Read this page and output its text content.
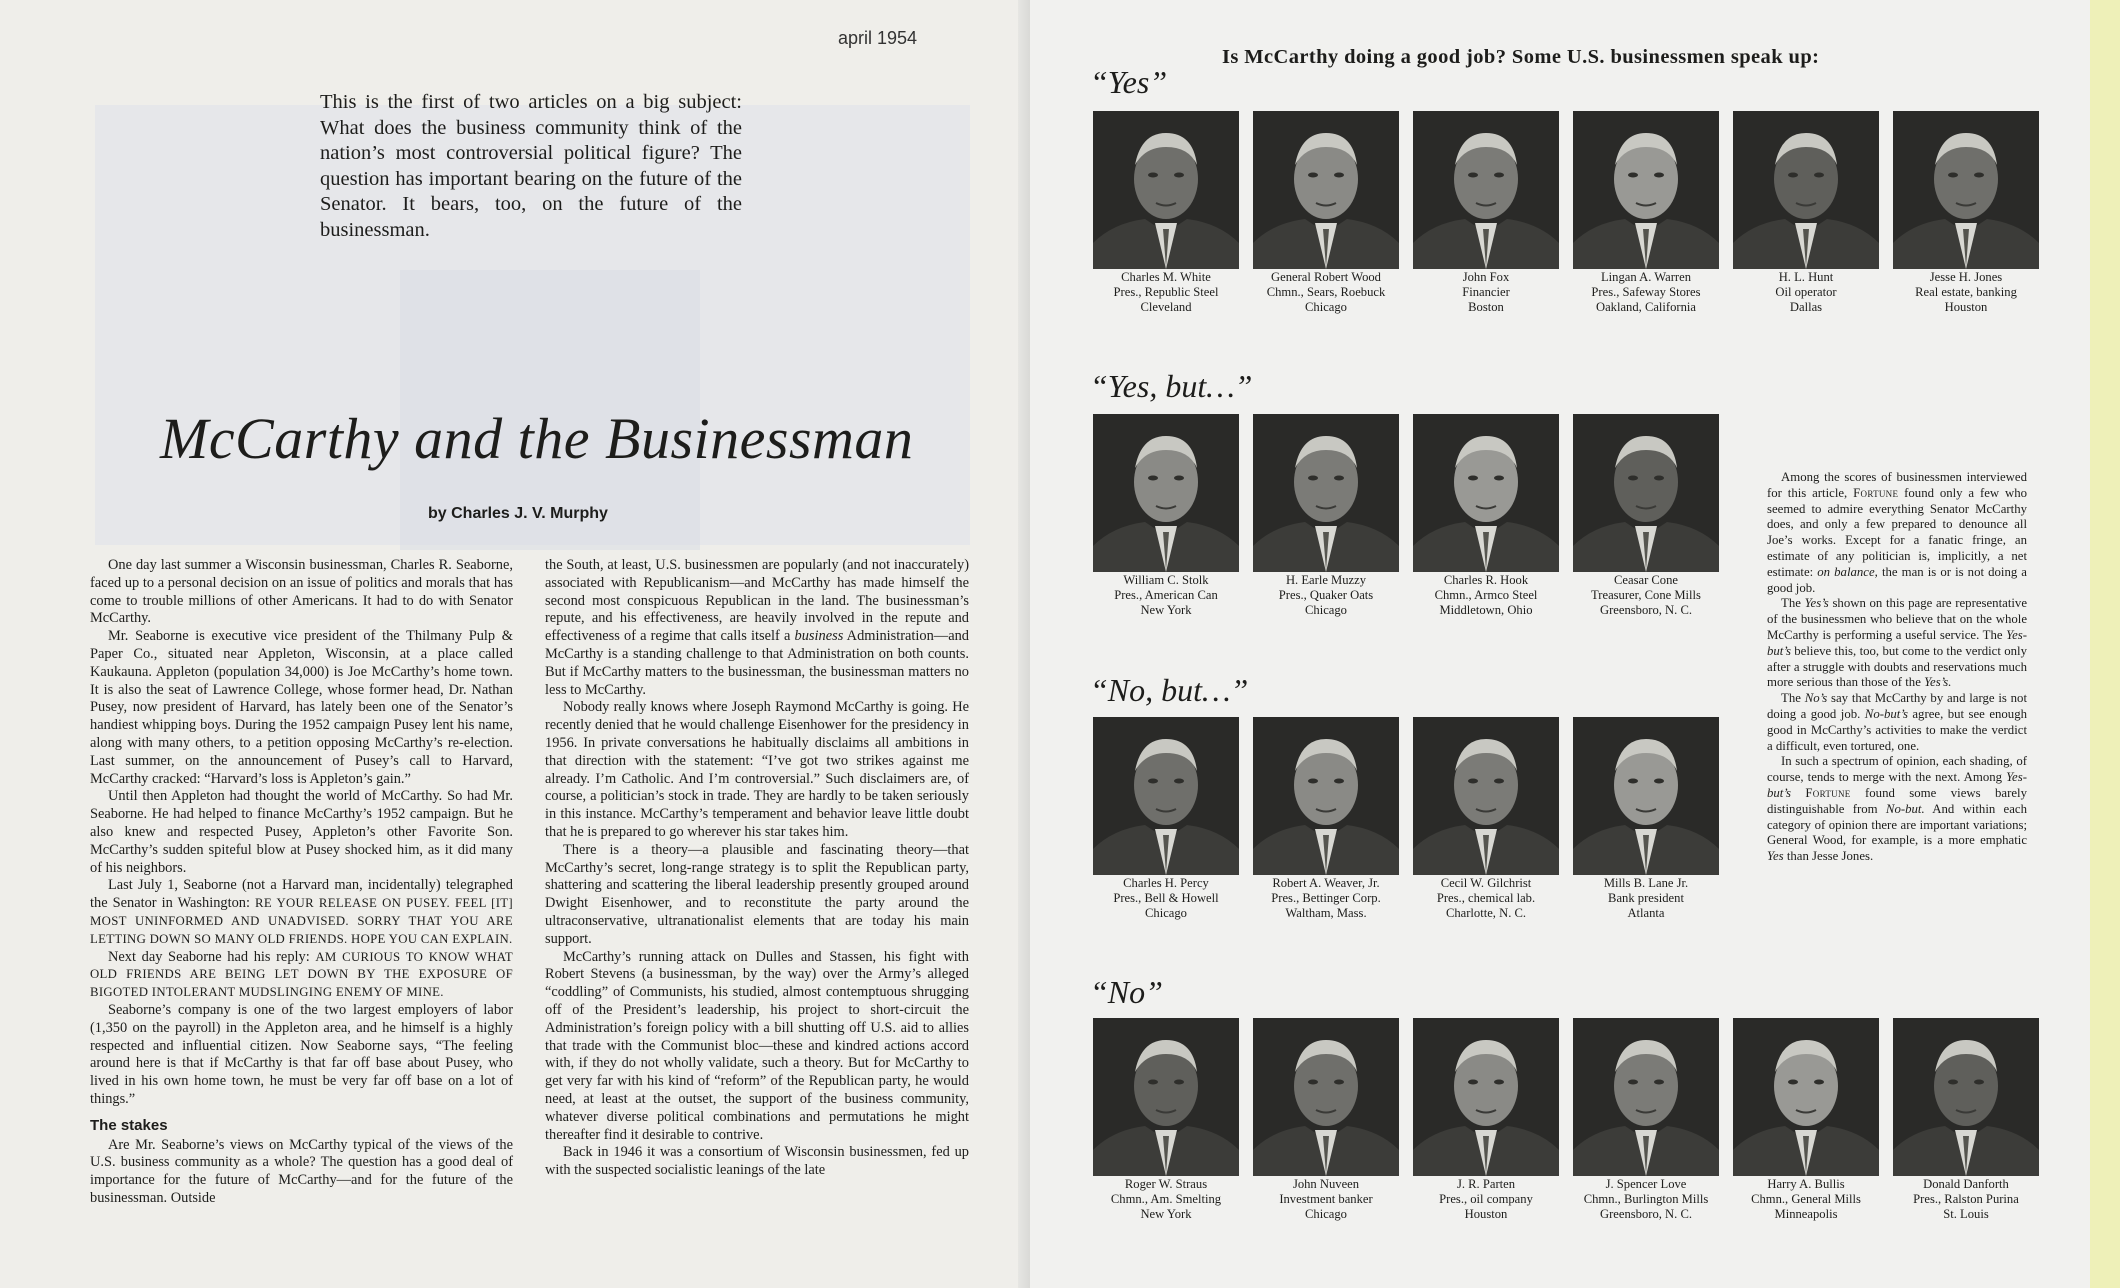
april 1954
This is the first of two articles on a big subject: What does the business community think of the nation’s most controversial political figure? The question has important bearing on the future of the Senator. It bears, too, on the future of the businessman.
McCarthy and the Businessman
by Charles J. V. Murphy

One day last summer a Wisconsin businessman, Charles R. Seaborne, faced up to a personal decision on an issue of politics and morals that has come to trouble millions of other Americans. It had to do with Senator McCarthy.

Mr. Seaborne is executive vice president of the Thilmany Pulp & Paper Co., situated near Appleton, Wisconsin, at a place called Kaukauna. Appleton (population 34,000) is Joe McCarthy’s home town. It is also the seat of Lawrence College, whose former head, Dr. Nathan Pusey, now president of Harvard, has lately been one of the Senator’s handiest whipping boys. During the 1952 campaign Pusey lent his name, along with many others, to a petition opposing McCarthy’s re-election. Last summer, on the announcement of Pusey’s call to Harvard, McCarthy cracked: “Harvard’s loss is Appleton’s gain.”

Until then Appleton had thought the world of McCarthy. So had Mr. Seaborne. He had helped to finance McCarthy’s 1952 campaign. But he also knew and respected Pusey, Appleton’s other Favorite Son. McCarthy’s sudden spiteful blow at Pusey shocked him, as it did many of his neighbors.

Last July 1, Seaborne (not a Harvard man, incidentally) telegraphed the Senator in Washington: RE YOUR RELEASE ON PUSEY. FEEL [IT] MOST UNINFORMED AND UNADVISED. SORRY THAT YOU ARE LETTING DOWN SO MANY OLD FRIENDS. HOPE YOU CAN EXPLAIN.

Next day Seaborne had his reply: AM CURIOUS TO KNOW WHAT OLD FRIENDS ARE BEING LET DOWN BY THE EXPOSURE OF BIGOTED INTOLERANT MUDSLINGING ENEMY OF MINE.

Seaborne’s company is one of the two largest employers of labor (1,350 on the payroll) in the Appleton area, and he himself is a highly respected and influential citizen. Now Seaborne says, “The feeling around here is that if McCarthy is that far off base about Pusey, who lived in his own home town, he must be very far off base on a lot of things.”

The stakes

Are Mr. Seaborne’s views on McCarthy typical of the views of the U.S. business community as a whole? The question has a good deal of importance for the future of McCarthy—and for the future of the businessman. Outside

the South, at least, U.S. businessmen are popularly (and not inaccurately) associated with Republicanism—and McCarthy has made himself the second most conspicuous Republican in the land. The businessman’s repute, and his effectiveness, are heavily involved in the repute and effectiveness of a regime that calls itself a business Administration—and McCarthy is a standing challenge to that Administration on both counts. But if McCarthy matters to the businessman, the businessman matters no less to McCarthy.

Nobody really knows where Joseph Raymond McCarthy is going. He recently denied that he would challenge Eisenhower for the presidency in 1956. In private conversations he habitually disclaims all ambitions in that direction with the statement: “I’ve got two strikes against me already. I’m Catholic. And I’m controversial.” Such disclaimers are, of course, a politician’s stock in trade. They are hardly to be taken seriously in this instance. McCarthy’s temperament and behavior leave little doubt that he is prepared to go wherever his star takes him.

There is a theory—a plausible and fascinating theory—that McCarthy’s secret, long-range strategy is to split the Republican party, shattering and scattering the liberal leadership presently grouped around Dwight Eisenhower, and to reconstitute the party around the ultraconservative, ultranationalist elements that are today his main support.

McCarthy’s running attack on Dulles and Stassen, his fight with Robert Stevens (a businessman, by the way) over the Army’s alleged “coddling” of Communists, his studied, almost contemptuous shrugging off of the President’s leadership, his project to short-circuit the Administration’s foreign policy with a bill shutting off U.S. aid to allies that trade with the Communist bloc—these and kindred actions accord with, if they do not wholly validate, such a theory. But for McCarthy to get very far with his kind of “reform” of the Republican party, he would need, at least at the outset, the support of the business community, whatever diverse political combinations and permutations he might thereafter find it desirable to contrive.

Back in 1946 it was a consortium of Wisconsin businessmen, fed up with the suspected socialistic leanings of the late

Is McCarthy doing a good job? Some U.S. businessmen speak up:
“Yes”
Charles M. White
Pres., Republic Steel
Cleveland
General Robert Wood
Chmn., Sears, Roebuck
Chicago
John Fox
Financier
Boston
Lingan A. Warren
Pres., Safeway Stores
Oakland, California
H. L. Hunt
Oil operator
Dallas
Jesse H. Jones
Real estate, banking
Houston
“Yes, but…”
William C. Stolk
Pres., American Can
New York
H. Earle Muzzy
Pres., Quaker Oats
Chicago
Charles R. Hook
Chmn., Armco Steel
Middletown, Ohio
Ceasar Cone
Treasurer, Cone Mills
Greensboro, N. C.
“No, but…”
Charles H. Percy
Pres., Bell & Howell
Chicago
Robert A. Weaver, Jr.
Pres., Bettinger Corp.
Waltham, Mass.
Cecil W. Gilchrist
Pres., chemical lab.
Charlotte, N. C.
Mills B. Lane Jr.
Bank president
Atlanta
“No”
Roger W. Straus
Chmn., Am. Smelting
New York
John Nuveen
Investment banker
Chicago
J. R. Parten
Pres., oil company
Houston
J. Spencer Love
Chmn., Burlington Mills
Greensboro, N. C.
Harry A. Bullis
Chmn., General Mills
Minneapolis
Donald Danforth
Pres., Ralston Purina
St. Louis

Among the scores of businessmen interviewed for this article, Fortune found only a few who seemed to admire everything Senator McCarthy does, and only a few prepared to denounce all Joe’s works. Except for a fanatic fringe, an estimate of any politician is, implicitly, a net estimate: on balance, the man is or is not doing a good job.

The Yes’s shown on this page are representative of the businessmen who believe that on the whole McCarthy is performing a useful service. The Yes-but’s believe this, too, but come to the verdict only after a struggle with doubts and reservations much more serious than those of the Yes’s.

The No’s say that McCarthy by and large is not doing a good job. No-but’s agree, but see enough good in McCarthy’s activities to make the verdict a difficult, even tortured, one.

In such a spectrum of opinion, each shading, of course, tends to merge with the next. Among Yes-but’s Fortune found some views barely distinguishable from No-but. And within each category of opinion there are important variations; General Wood, for example, is a more emphatic Yes than Jesse Jones.
